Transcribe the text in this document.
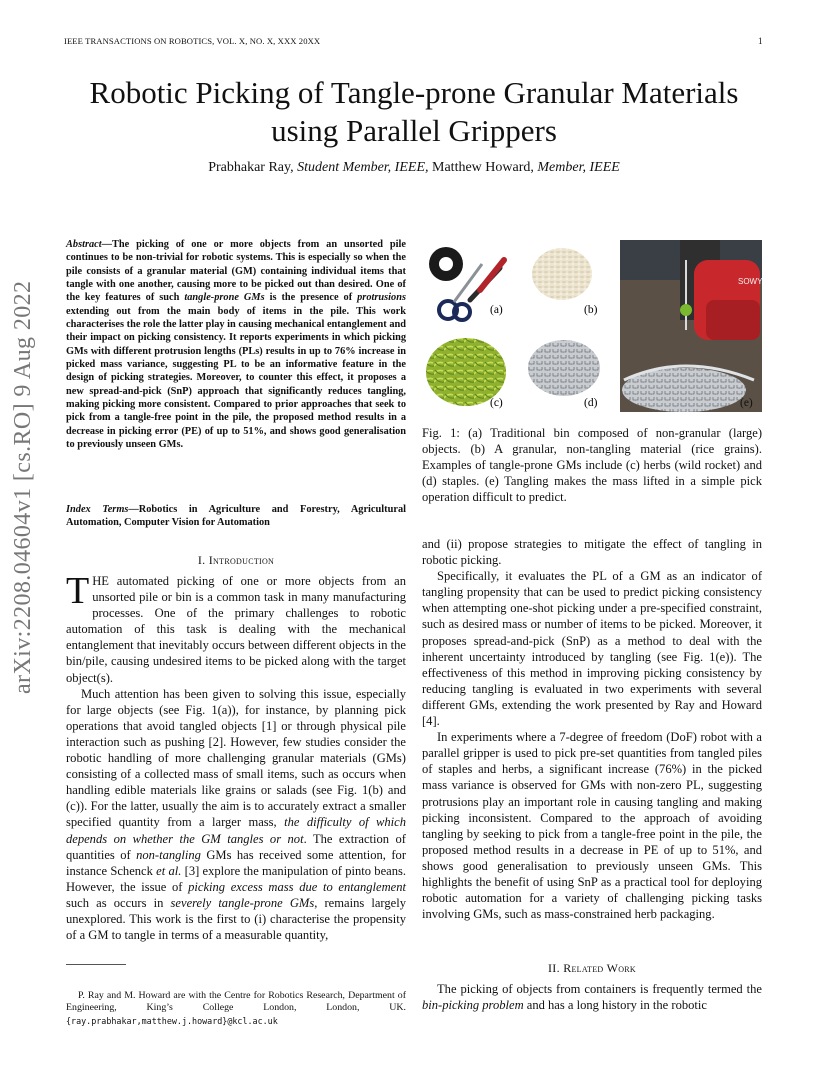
IEEE TRANSACTIONS ON ROBOTICS, VOL. X, NO. X, XXX 20XX	1
Robotic Picking of Tangle-prone Granular Materials
using Parallel Grippers
Prabhakar Ray, Student Member, IEEE, Matthew Howard, Member, IEEE
arXiv:2208.04604v1 [cs.RO] 9 Aug 2022
Abstract—The picking of one or more objects from an unsorted pile continues to be non-trivial for robotic systems. This is especially so when the pile consists of a granular material (GM) containing individual items that tangle with one another, causing more to be picked out than desired. One of the key features of such tangle-prone GMs is the presence of protrusions extending out from the main body of items in the pile. This work characterises the role the latter play in causing mechanical entanglement and their impact on picking consistency. It reports experiments in which picking GMs with different protrusion lengths (PLs) results in up to 76% increase in picked mass variance, suggesting PL to be an informative feature in the design of picking strategies. Moreover, to counter this effect, it proposes a new spread-and-pick (SnP) approach that significantly reduces tangling, making picking more consistent. Compared to prior approaches that seek to pick from a tangle-free point in the pile, the proposed method results in a decrease in picking error (PE) of up to 51%, and shows good generalisation to previously unseen GMs.
Index Terms—Robotics in Agriculture and Forestry, Agricultural Automation, Computer Vision for Automation
I. Introduction

THE automated picking of one or more objects from an unsorted pile or bin is a common task in many manufacturing processes. One of the primary challenges to robotic automation of this task is dealing with the mechanical entanglement that inevitably occurs between different objects in the bin/pile, causing undesired items to be picked along with the target object(s).

Much attention has been given to solving this issue, especially for large objects (see Fig. 1(a)), for instance, by planning pick operations that avoid tangled objects [1] or through physical pile interaction such as pushing [2]. However, few studies consider the robotic handling of more challenging granular materials (GMs) consisting of a collected mass of small items, such as occurs when handling edible materials like grains or salads (see Fig. 1(b) and (c)). For the latter, usually the aim is to accurately extract a smaller specified quantity from a larger mass, the difficulty of which depends on whether the GM tangles or not. The extraction of quantities of non-tangling GMs has received some attention, for instance Schenck et al. [3] explore the manipulation of pinto beans. However, the issue of picking excess mass due to entanglement such as occurs in severely tangle-prone GMs, remains largely unexplored. This work is the first to (i) characterise the propensity of a GM to tangle in terms of a measurable quantity,

P. Ray and M. Howard are with the Centre for Robotics Research, Department of Engineering, King’s College London, London, UK. {ray.prabhakar,matthew.j.howard}@kcl.ac.uk
SOWY
(a)	(b)
(c)	(d)	(e)
Fig. 1: (a) Traditional bin composed of non-granular (large) objects. (b) A granular, non-tangling material (rice grains). Examples of tangle-prone GMs include (c) herbs (wild rocket) and (d) staples. (e) Tangling makes the mass lifted in a simple pick operation difficult to predict.

and (ii) propose strategies to mitigate the effect of tangling in robotic picking.

Specifically, it evaluates the PL of a GM as an indicator of tangling propensity that can be used to predict picking consistency when attempting one-shot picking under a pre-specified constraint, such as desired mass or number of items to be picked. Moreover, it proposes spread-and-pick (SnP) as a method to deal with the inherent uncertainty introduced by tangling (see Fig. 1(e)). The effectiveness of this method in improving picking consistency by reducing tangling is evaluated in two experiments with several different GMs, extending the work presented by Ray and Howard [4].

In experiments where a 7-degree of freedom (DoF) robot with a parallel gripper is used to pick pre-set quantities from tangled piles of staples and herbs, a significant increase (76%) in the picked mass variance is observed for GMs with non-zero PL, suggesting protrusions play an important role in causing tangling and making picking inconsistent. Compared to the approach of avoiding tangling by seeking to pick from a tangle-free point in the pile, the proposed method results in a decrease in PE of up to 51%, and shows good generalisation to previously unseen GMs. This highlights the benefit of using SnP as a practical tool for deploying robotic automation for a variety of challenging picking tasks involving GMs, such as mass-constrained herb packaging.

II. Related Work

The picking of objects from containers is frequently termed the bin-picking problem and has a long history in the robotic
